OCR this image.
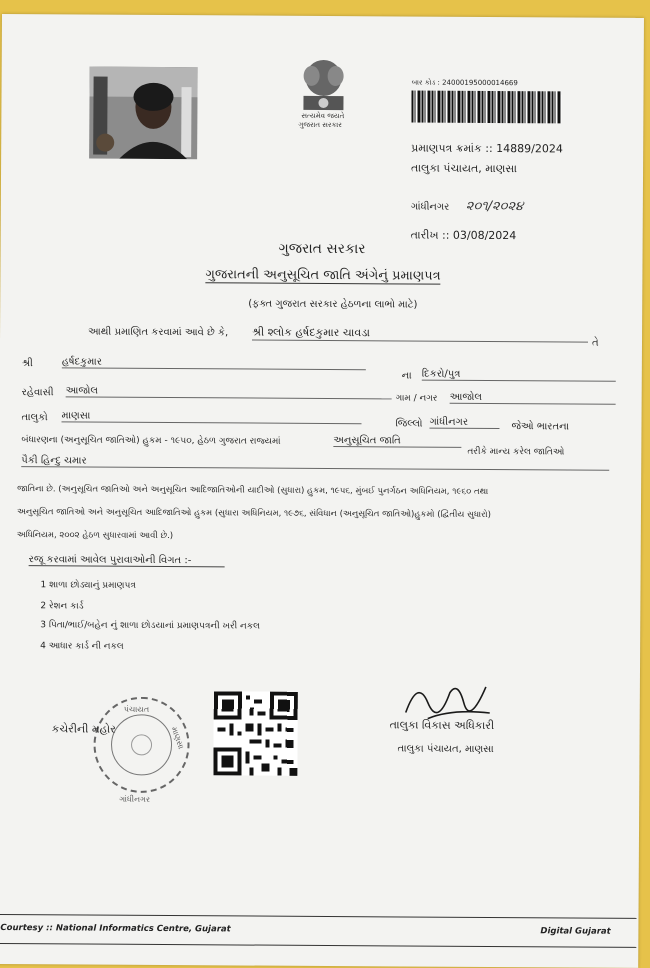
સત્યમેવ જયતે
ગુજરાત સરકાર
બાર કોડ : 24000195000014669
પ્રમાણપત્ર ક્રમાંક :: 14889/2024
તાલુકા પંચાયત, માણસા
ગાંધીનગર ૨૦૧/૨૦૨૪
તારીખ :: 03/08/2024
ગુજરાત સરકાર
ગુજરાતની અનુસૂચિત જાતિ અંગેનું પ્રમાણપત્ર
(ફક્ત ગુજરાત સરકાર હેઠળના લાભો માટે)
આથી પ્રમાણિત કરવામાં આવે છે કે, શ્રી શ્લોક હર્ષદકુમાર ચાવડા
તે
શ્રી	હર્ષદકુમાર
ના દિકરો/પુત્ર
રહેવાસી આજોલ
ગામ / નગર આજોલ
તાલુકો માણસા
જિલ્લો ગાંધીનગર	જેઓ ભારતના
બંધારણના (અનુસૂચિત જાતિઓ) હુકમ - ૧૯૫૦, હેઠળ ગુજરાત રાજ્યમાં	અનુસૂચિત જાતિ
તરીકે માન્ય કરેલ જાતિઓ
પૈકી હિન્દુ ચમાર
જાતિના છે. (અનુસૂચિત જાતિઓ અને અનુસૂચિત આદિજાતિઓની યાદીઓ (સુધારા) હુકમ, ૧૯૫૬, મુંબઈ પુનર્ગઠન અધિનિયમ, ૧૯૬૦ તથા
અનુસૂચિત જાતિઓ અને અનુસૂચિત આદિજાતિઓ હુકમ (સુધારા અધિનિયમ, ૧૯૭૬, સંવિધાન (અનુસૂચિત જાતિઓ)હુકમો (દ્વિતીય સુધારો)
અધિનિયમ, ૨૦૦૨ હેઠળ સુધારવામાં આવી છે.)
રજૂ કરવામાં આવેલ પુરાવાઓની વિગત :-
1 શાળા છોડ્યાનું પ્રમાણપત્ર
2 રેશન કાર્ડ
3 પિતા/ભાઈ/બહેન નું શાળા છોડયાનાં પ્રમાણપત્રની ખરી નકલ
4 આધાર કાર્ડ ની નકલ
પંચાયત
માણસા
ગાંધીનગર
કચેરીની મહોર	તાલુકા વિકાસ અધિકારી
તાલુકા પંચાયત, માણસા
Courtesy :: National Informatics Centre, Gujarat	Digital Gujarat
